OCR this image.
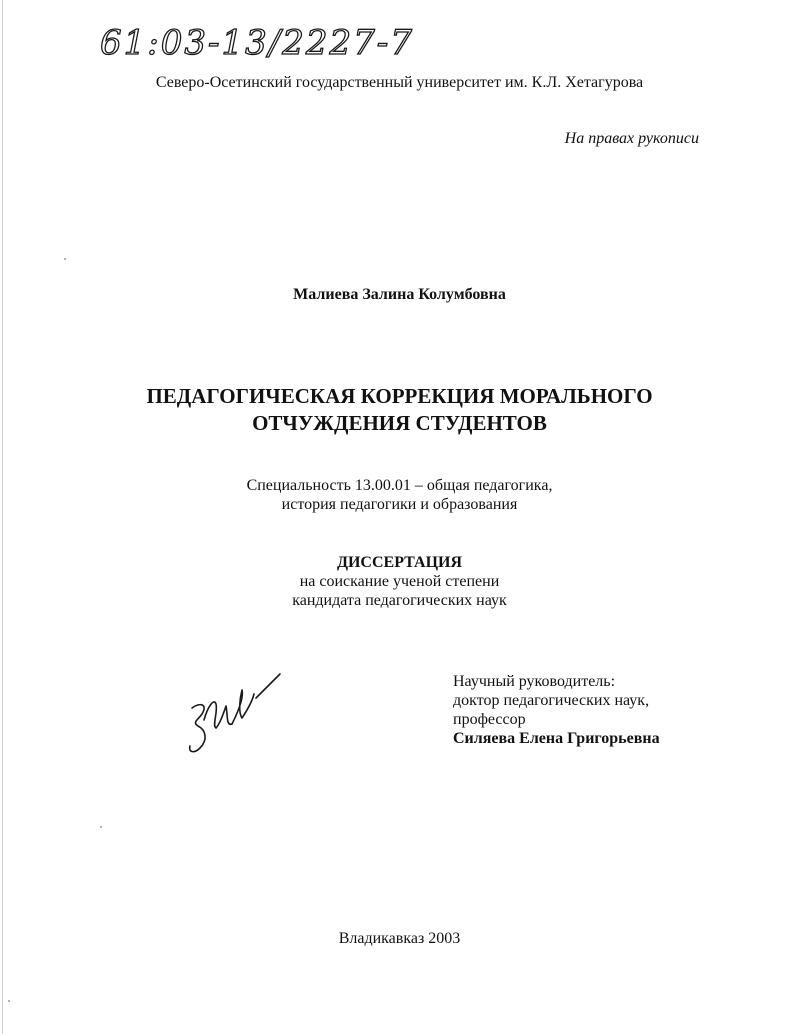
61:03-13/2227-7
Северо-Осетинский государственный университет им. К.Л. Хетагурова
На правах рукописи
Малиева Залина Колумбовна
ПЕДАГОГИЧЕСКАЯ КОРРЕКЦИЯ МОРАЛЬНОГО
ОТЧУЖДЕНИЯ СТУДЕНТОВ
Специальность 13.00.01 – общая педагогика,
история педагогики и образования
ДИССЕРТАЦИЯ
на соискание ученой степени
кандидата педагогических наук
Научный руководитель:
доктор педагогических наук,
профессор
Силяева Елена Григорьевна
Владикавказ 2003
